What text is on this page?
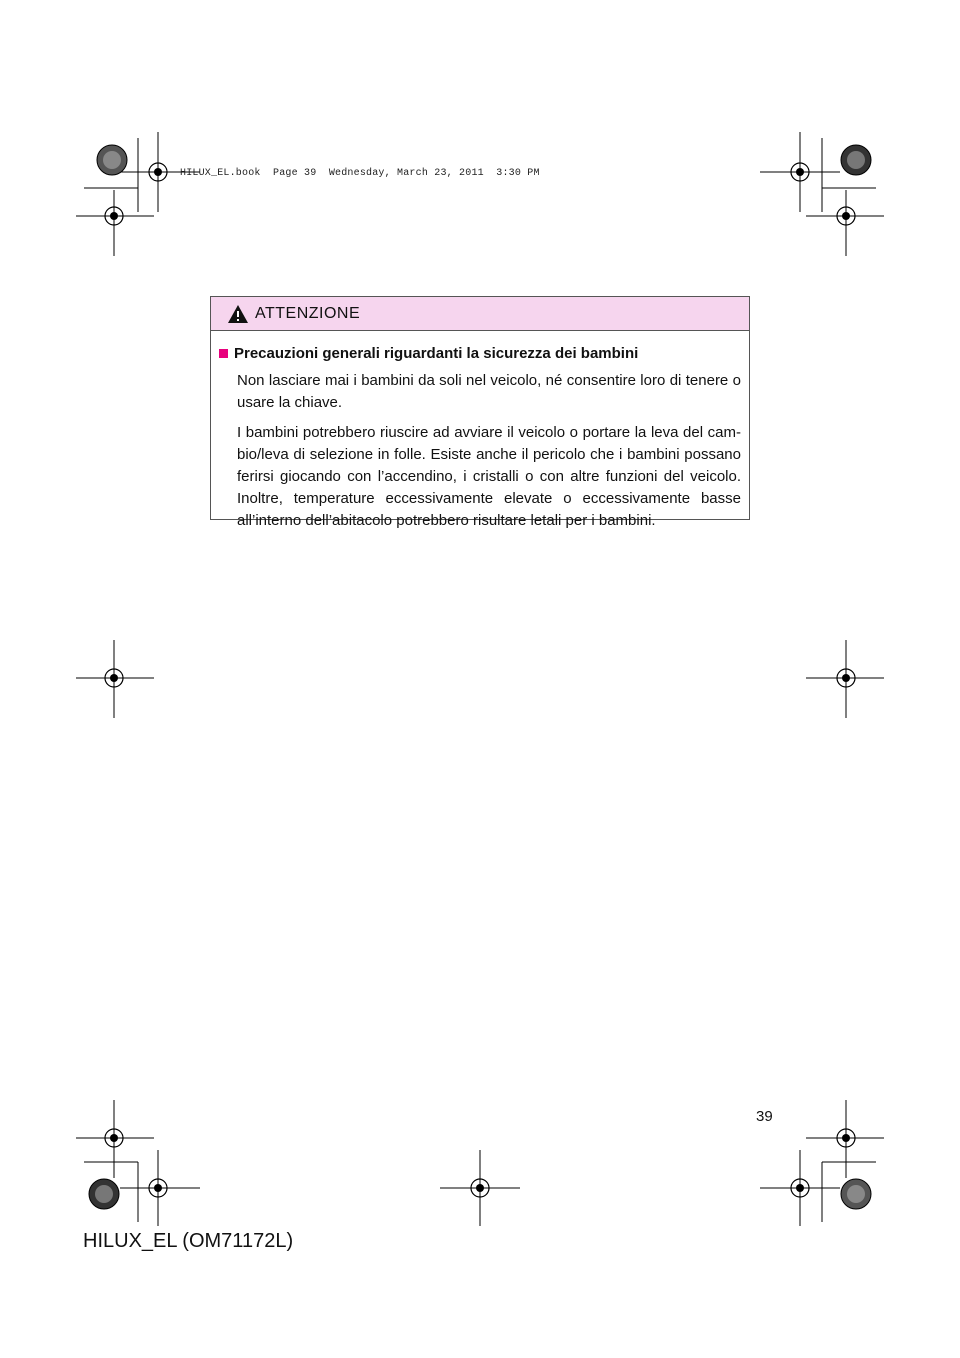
HILUX_EL.book  Page 39  Wednesday, March 23, 2011  3:30 PM
ATTENZIONE
Precauzioni generali riguardanti la sicurezza dei bambini

Non lasciare mai i bambini da soli nel veicolo, né consentire loro di tenere o usare la chiave.

I bambini potrebbero riuscire ad avviare il veicolo o portare la leva del cam-bio/leva di selezione in folle. Esiste anche il pericolo che i bambini possano ferirsi giocando con l’accendino, i cristalli o con altre funzioni del veicolo. Inoltre, temperature eccessivamente elevate o eccessivamente basse all’interno dell’abitacolo potrebbero risultare letali per i bambini.

39
HILUX_EL (OM71172L)
